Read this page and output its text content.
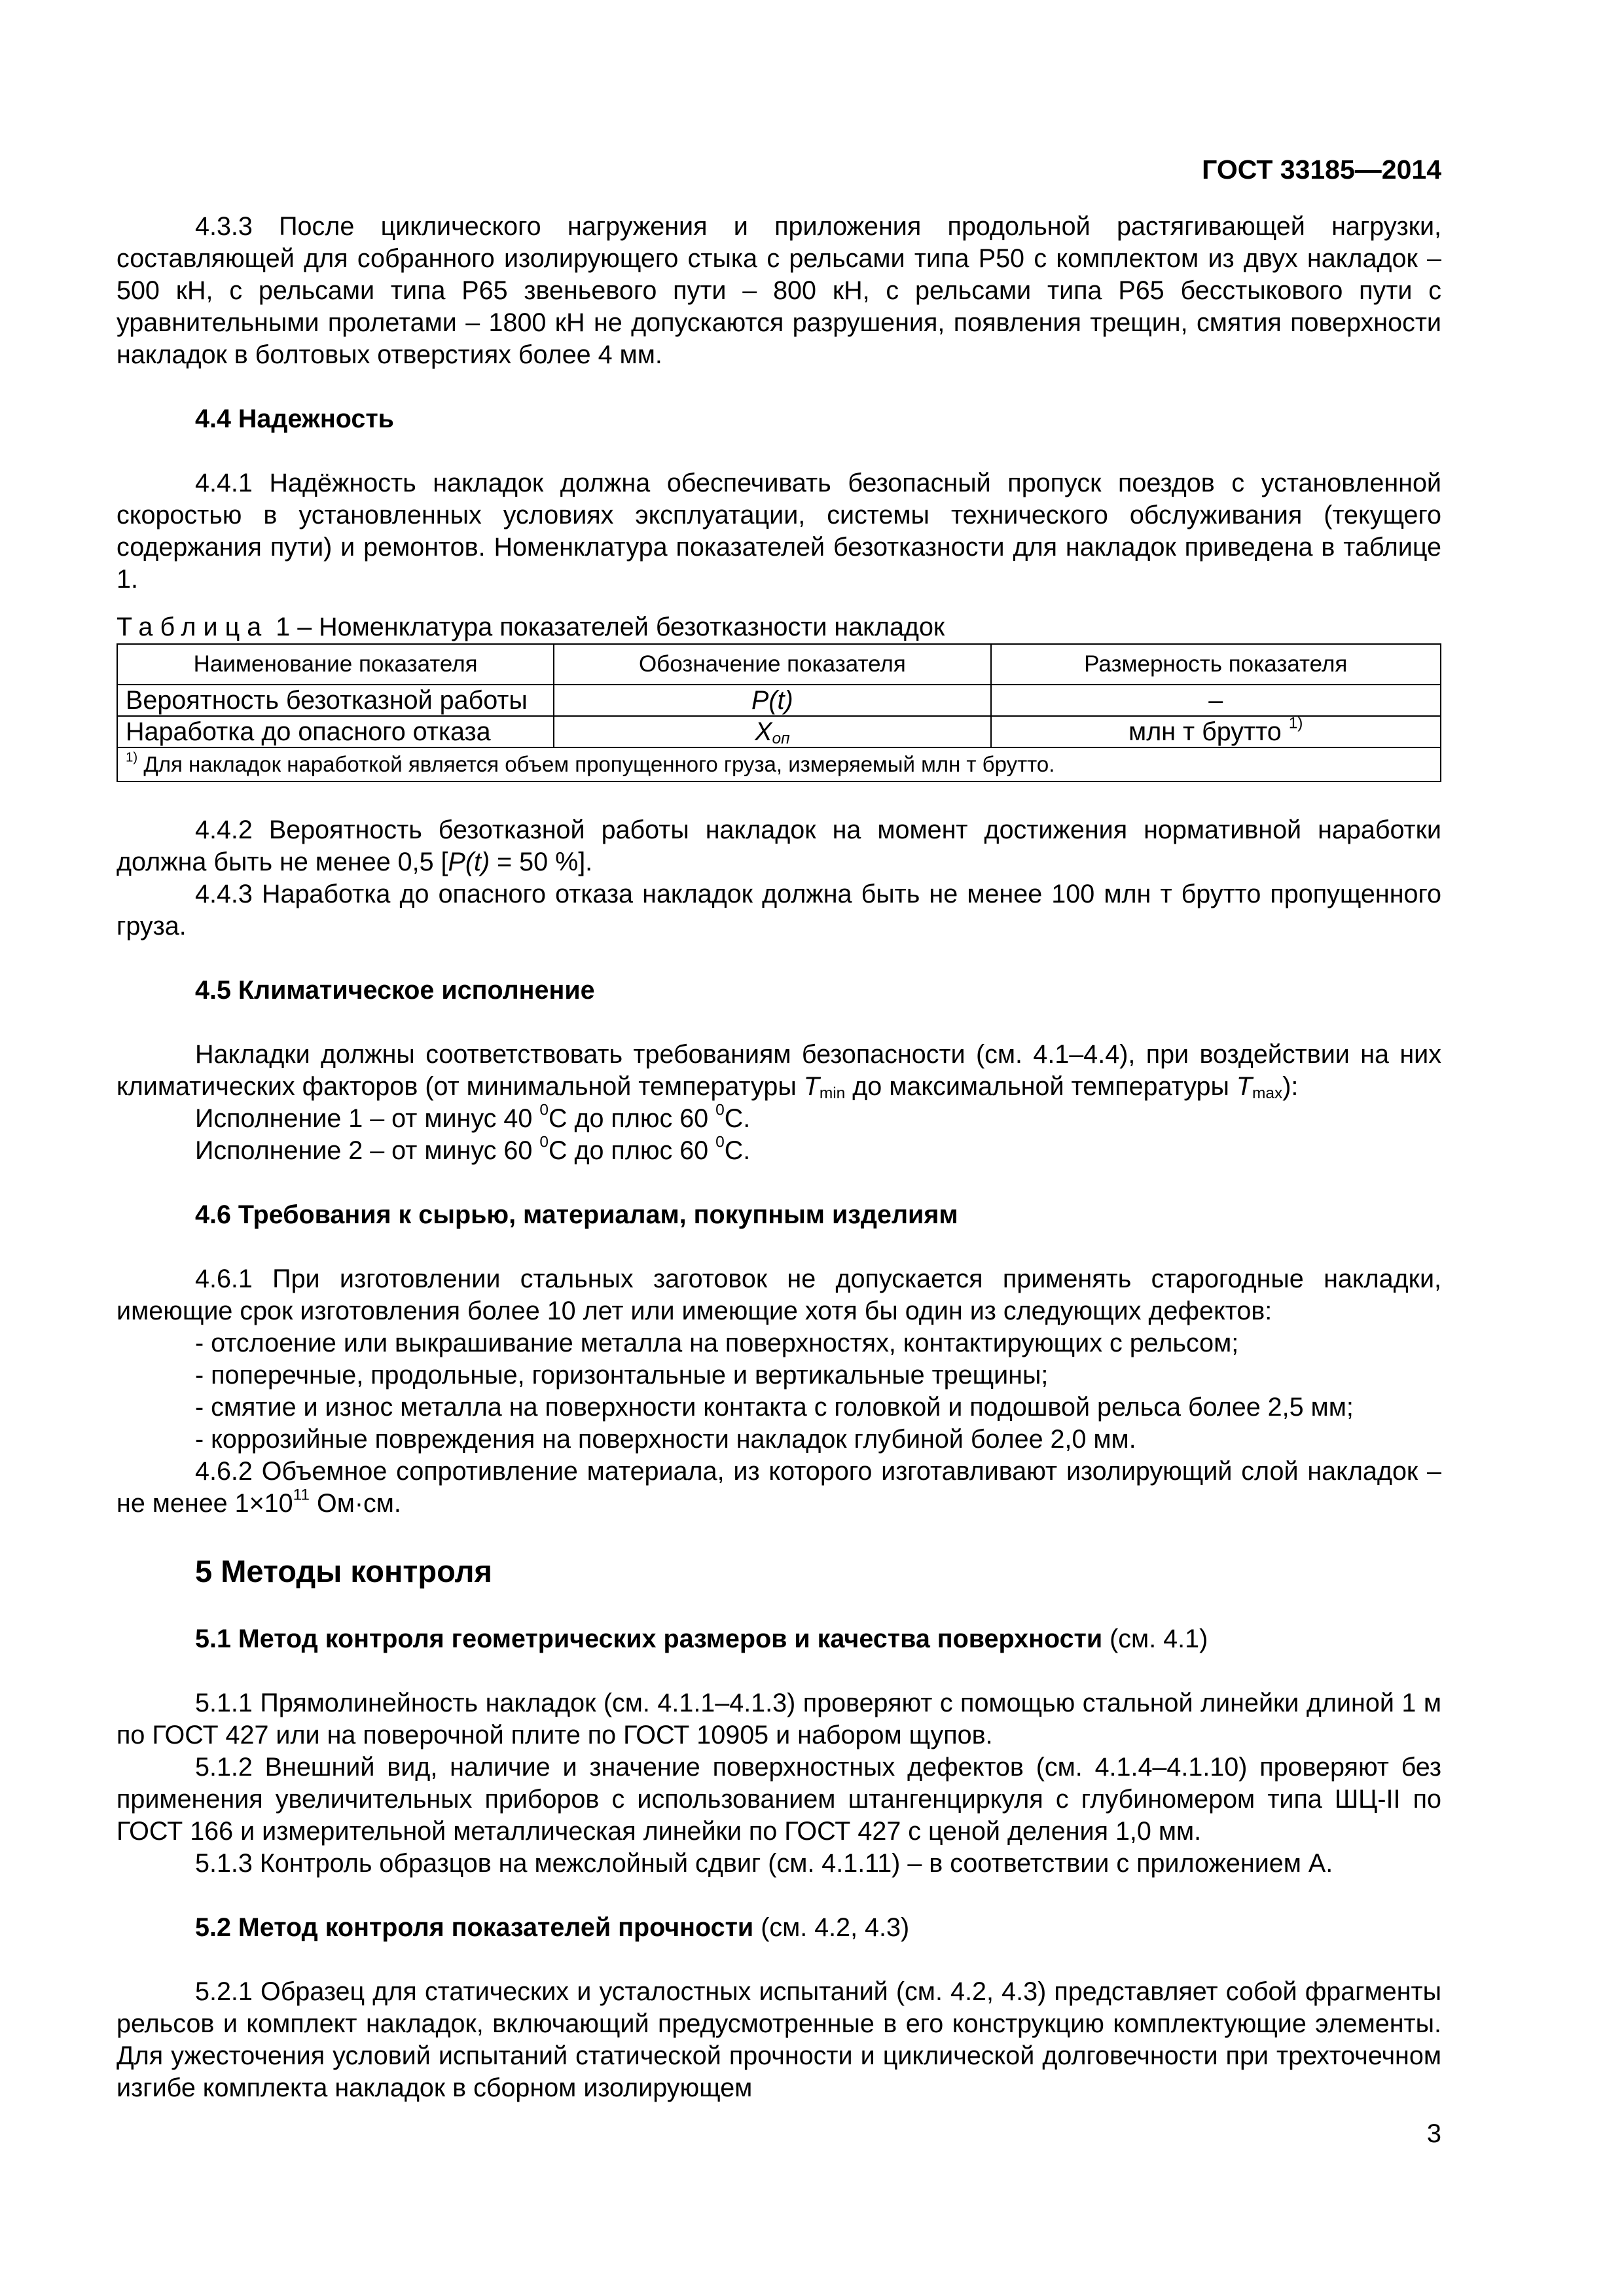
ГОСТ 33185—2014

4.3.3 После циклического нагружения и приложения продольной растягивающей нагрузки, составляющей для собранного изолирующего стыка с рельсами типа Р50 с комплектом из двух накладок – 500 кН, с рельсами типа Р65 звеньевого пути – 800 кН, с рельсами типа Р65 бесстыкового пути с уравнительными пролетами – 1800 кН не допускаются разрушения, появления трещин, смятия поверхности накладок в болтовых отверстиях более 4 мм.

4.4 Надежность

4.4.1 Надёжность накладок должна обеспечивать безопасный пропуск поездов с установленной скоростью в установленных условиях эксплуатации, системы технического обслуживания (текущего содержания пути) и ремонтов. Номенклатура показателей безотказности для накладок приведена в таблице 1.

Таблица 1 – Номенклатура показателей безотказности накладок

Наименование показателя	Обозначение показателя	Размерность показателя
Вероятность безотказной работы	P(t)	–
Наработка до опасного отказа	$X_{оп}$	млн т брутто $^{1)}$
$^{1)}$ Для накладок наработкой является объем пропущенного груза, измеряемый млн т брутто.		

4.4.2 Вероятность безотказной работы накладок на момент достижения нормативной наработки должна быть не менее 0,5 [P(t) = 50 %].

4.4.3 Наработка до опасного отказа накладок должна быть не менее 100 млн т брутто пропущенного груза.

4.5 Климатическое исполнение

Накладки должны соответствовать требованиям безопасности (см. 4.1–4.4), при воздействии на них климатических факторов (от минимальной температуры $T_{min}$ до максимальной температуры $T_{max}$):

Исполнение 1 – от минус 40 $^0$С до плюс 60 $^0$С.

Исполнение 2 – от минус 60 $^0$С до плюс 60 $^0$С.

4.6 Требования к сырью, материалам, покупным изделиям

4.6.1 При изготовлении стальных заготовок не допускается применять старогодные накладки, имеющие срок изготовления более 10 лет или имеющие хотя бы один из следующих дефектов:

- отслоение или выкрашивание металла на поверхностях, контактирующих с рельсом;

- поперечные, продольные, горизонтальные и вертикальные трещины;

- смятие и износ металла на поверхности контакта с головкой и подошвой рельса более 2,5 мм;

- коррозийные повреждения на поверхности накладок глубиной более 2,0 мм.

4.6.2 Объемное сопротивление материала, из которого изготавливают изолирующий слой накладок – не менее $1\times 10^{11}$ Ом·см.

5 Методы контроля

5.1 Метод контроля геометрических размеров и качества поверхности (см. 4.1)

5.1.1 Прямолинейность накладок (см. 4.1.1–4.1.3) проверяют с помощью стальной линейки длиной 1 м по ГОСТ 427 или на поверочной плите по ГОСТ 10905 и набором щупов.

5.1.2 Внешний вид, наличие и значение поверхностных дефектов (см. 4.1.4–4.1.10) проверяют без применения увеличительных приборов с использованием штангенциркуля с глубиномером типа ШЦ-II по ГОСТ 166 и измерительной металлическая линейки по ГОСТ 427 с ценой деления 1,0 мм.

5.1.3 Контроль образцов на межслойный сдвиг (см. 4.1.11) – в соответствии с приложением А.

5.2 Метод контроля показателей прочности (см. 4.2, 4.3)

5.2.1 Образец для статических и усталостных испытаний (см. 4.2, 4.3) представляет собой фрагменты рельсов и комплект накладок, включающий предусмотренные в его конструкцию комплектующие элементы. Для ужесточения условий испытаний статической прочности и циклической долговечности при трехточечном изгибе комплекта накладок в сборном изолирующем

3
